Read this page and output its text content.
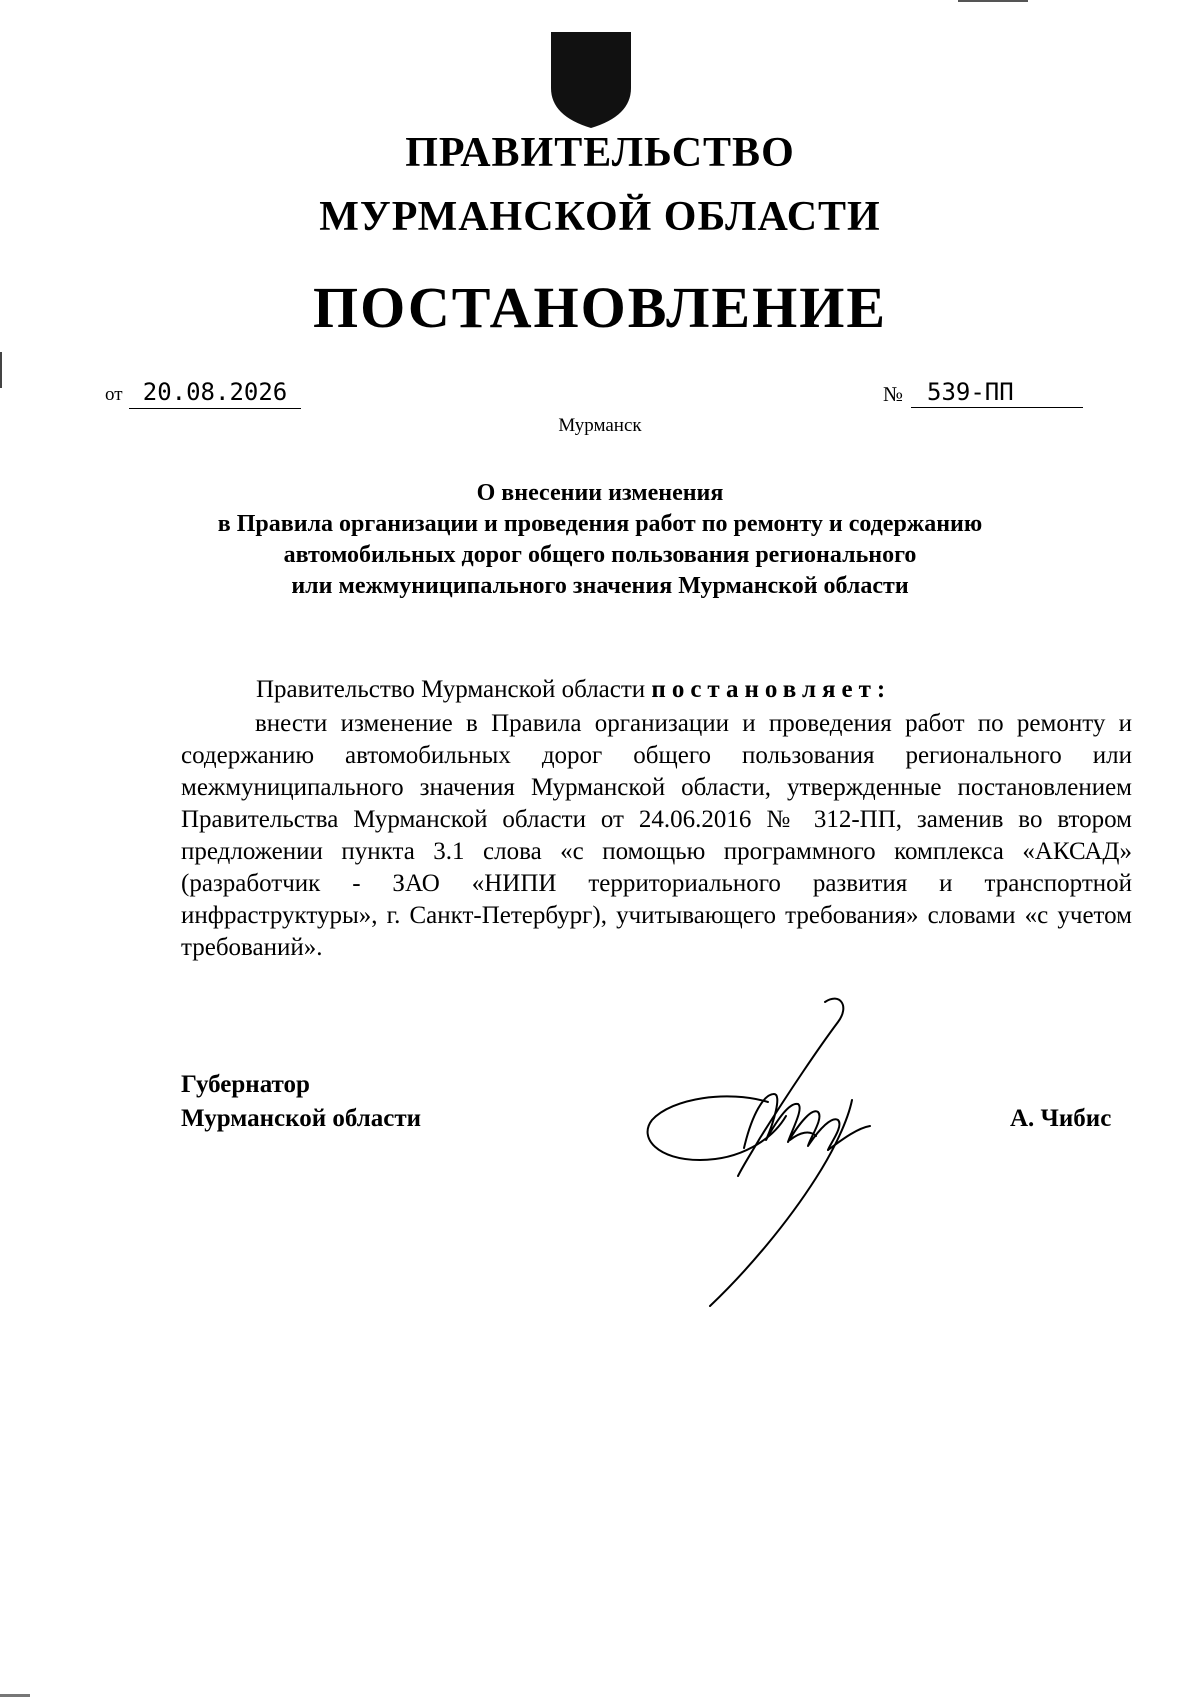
ПРАВИТЕЛЬСТВО
МУРМАНСКОЙ ОБЛАСТИ
ПОСТАНОВЛЕНИЕ
от 20.08.2026	№ 539-ПП
Мурманск
О внесении изменения
в Правила организации и проведения работ по ремонту и содержанию
автомобильных дорог общего пользования регионального
или межмуниципального значения Мурманской области
Правительство Мурманской области постановляет:
внести изменение в Правила организации и проведения работ по ремонту и содержанию автомобильных дорог общего пользования регионального или межмуниципального значения Мурманской области, утвержденные постановлением Правительства Мурманской области от 24.06.2016 № 312-ПП, заменив во втором предложении пункта 3.1 слова «с помощью программного комплекса «АКСАД» (разработчик - ЗАО «НИПИ территориального развития и транспортной инфраструктуры», г. Санкт-Петербург), учитывающего требования» словами «с учетом требований».
Губернатор
Мурманской области	А. Чибис
